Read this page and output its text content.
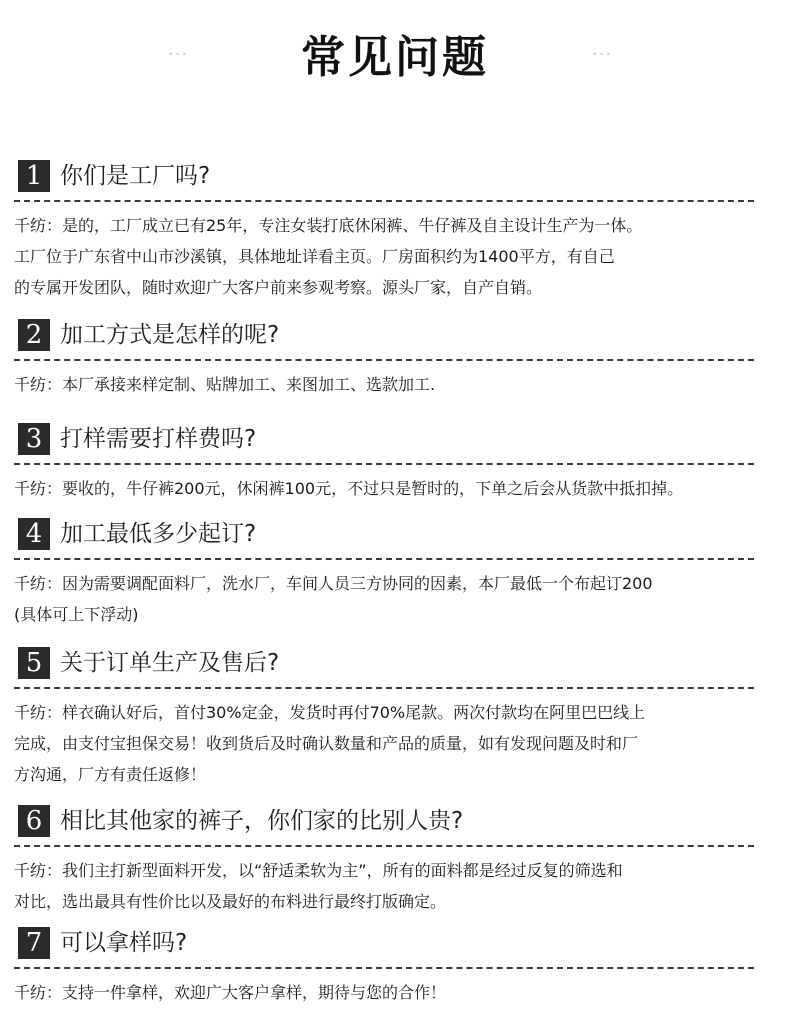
···	常见问题	···
1 你们是工厂吗?
千纺：是的，工厂成立已有25年，专注女装打底休闲裤、牛仔裤及自主设计生产为一体。
工厂位于广东省中山市沙溪镇，具体地址详看主页。厂房面积约为1400平方，有自己
的专属开发团队，随时欢迎广大客户前来参观考察。源头厂家，自产自销。
2 加工方式是怎样的呢?
千纺：本厂承接来样定制、贴牌加工、来图加工、选款加工.
3 打样需要打样费吗?
千纺：要收的，牛仔裤200元，休闲裤100元，不过只是暂时的，下单之后会从货款中抵扣掉。
4 加工最低多少起订?
千纺：因为需要调配面料厂，洗水厂，车间人员三方协同的因素，本厂最低一个布起订200
(具体可上下浮动)
5 关于订单生产及售后?
千纺：样衣确认好后，首付30%定金，发货时再付70%尾款。两次付款均在阿里巴巴线上
完成，由支付宝担保交易！收到货后及时确认数量和产品的质量，如有发现问题及时和厂
方沟通，厂方有责任返修！
6 相比其他家的裤子，你们家的比别人贵?
千纺：我们主打新型面料开发，以“舒适柔软为主”，所有的面料都是经过反复的筛选和
对比，选出最具有性价比以及最好的布料进行最终打版确定。
7 可以拿样吗?
千纺：支持一件拿样，欢迎广大客户拿样，期待与您的合作！
